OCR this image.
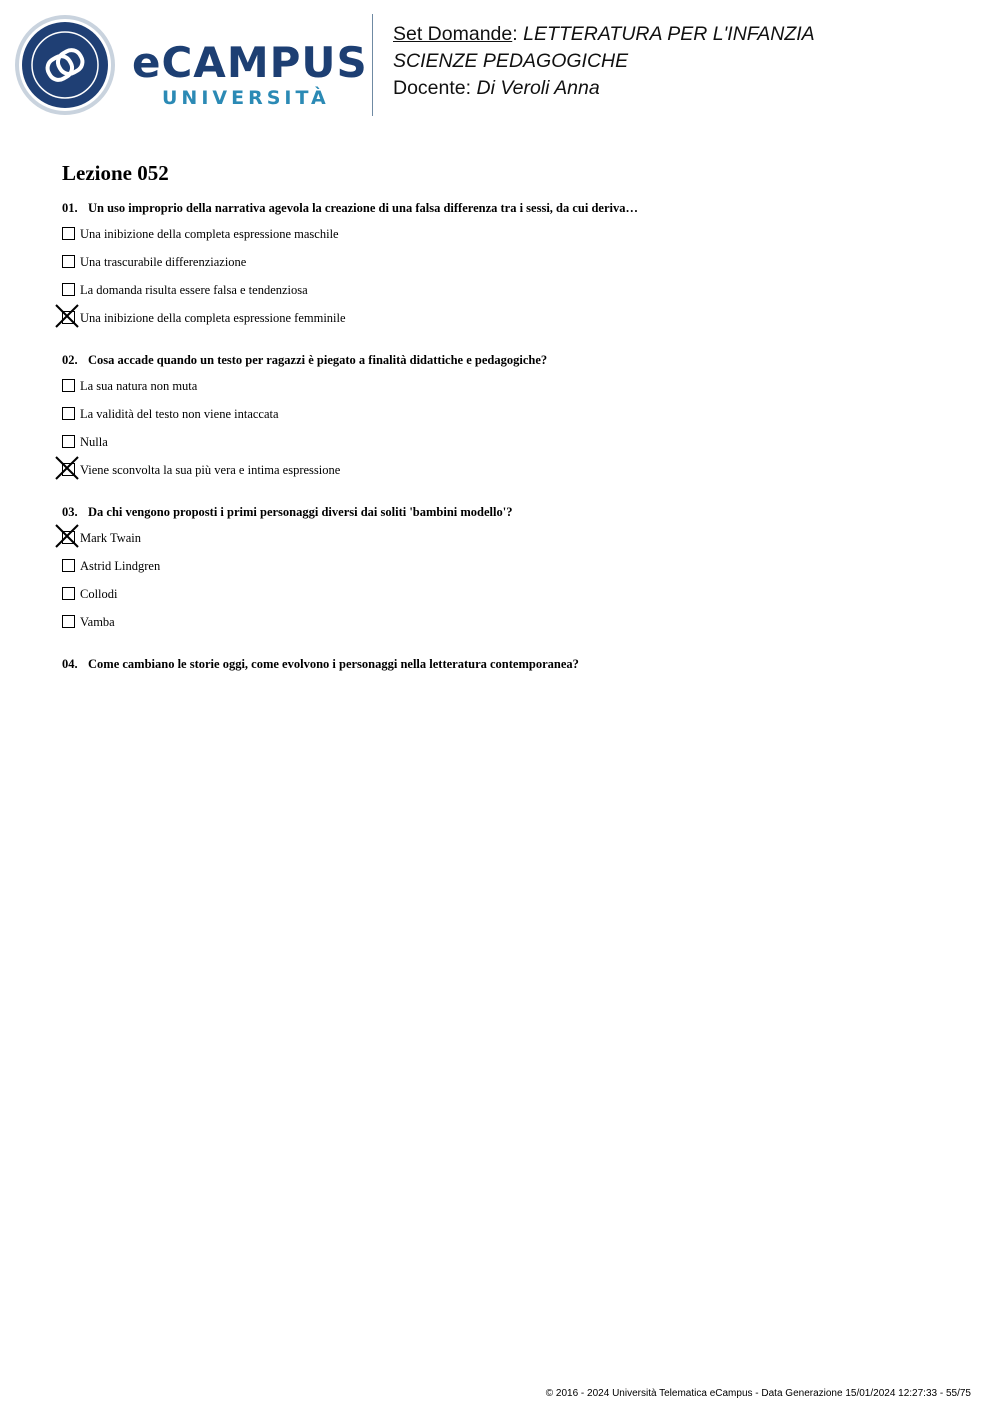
eCAMPUS
UNIVERSITÀ
Set Domande: LETTERATURA PER L'INFANZIA
SCIENZE PEDAGOGICHE
Docente: Di Veroli Anna
Lezione 052
01. Un uso improprio della narrativa agevola la creazione di una falsa differenza tra i sessi, da cui deriva…
Una inibizione della completa espressione maschile
Una trascurabile differenziazione
La domanda risulta essere falsa e tendenziosa
Una inibizione della completa espressione femminile
02. Cosa accade quando un testo per ragazzi è piegato a finalità didattiche e pedagogiche?
La sua natura non muta
La validità del testo non viene intaccata
Nulla
Viene sconvolta la sua più vera e intima espressione
03. Da chi vengono proposti i primi personaggi diversi dai soliti 'bambini modello'?
Mark Twain
Astrid Lindgren
Collodi
Vamba
04. Come cambiano le storie oggi, come evolvono i personaggi nella letteratura contemporanea?
© 2016 - 2024 Università Telematica eCampus - Data Generazione 15/01/2024 12:27:33 - 55/75
